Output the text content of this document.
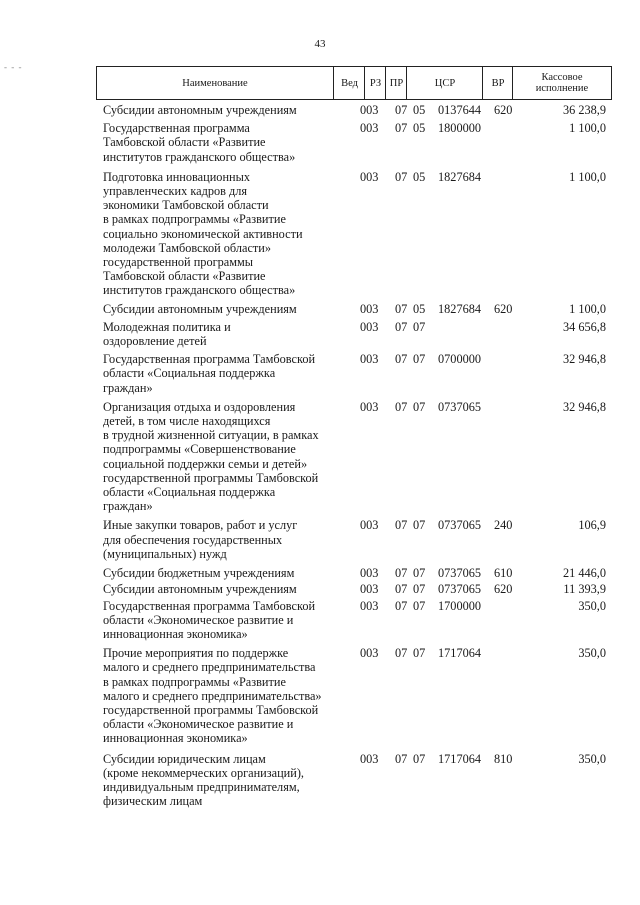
43
- - -
Наименование	Вед	РЗ ПР	ЦСР	ВР	Кассовое исполнение
Субсидии автономным учреждениям	003 07 05 0137644 620	36 238,9
Государственная программа
Тамбовской области «Развитие
институтов гражданского общества»
003 07 05 1800000	1 100,0
Подготовка инновационных
управленческих кадров для
экономики Тамбовской области
в рамках подпрограммы «Развитие
социально экономической активности
молодежи Тамбовской области»
государственной программы
Тамбовской области «Развитие
институтов гражданского общества»
003 07 05 1827684	1 100,0
Субсидии автономным учреждениям	003 07 05 1827684 620	1 100,0
Молодежная политика и
оздоровление детей
003 07 07	34 656,8
Государственная программа Тамбовской
области «Социальная поддержка
граждан»
003 07 07 0700000	32 946,8
Организация отдыха и оздоровления
детей, в том числе находящихся
в трудной жизненной ситуации, в рамках
подпрограммы «Совершенствование
социальной поддержки семьи и детей»
государственной программы Тамбовской
области «Социальная поддержка
граждан»
003 07 07 0737065	32 946,8
Иные закупки товаров, работ и услуг
для обеспечения государственных
(муниципальных) нужд
003 07 07 0737065 240	106,9
Субсидии бюджетным учреждениям	003 07 07 0737065 610	21 446,0
Субсидии автономным учреждениям	003 07 07 0737065 620	11 393,9
Государственная программа Тамбовской
области «Экономическое развитие и
инновационная экономика»
003 07 07 1700000	350,0
Прочие мероприятия по поддержке
малого и среднего предпринимательства
в рамках подпрограммы «Развитие
малого и среднего предпринимательства»
государственной программы Тамбовской
области «Экономическое развитие и
инновационная экономика»
003 07 07 1717064	350,0
Субсидии юридическим лицам
(кроме некоммерческих организаций),
индивидуальным предпринимателям,
физическим лицам
003 07 07 1717064 810	350,0
